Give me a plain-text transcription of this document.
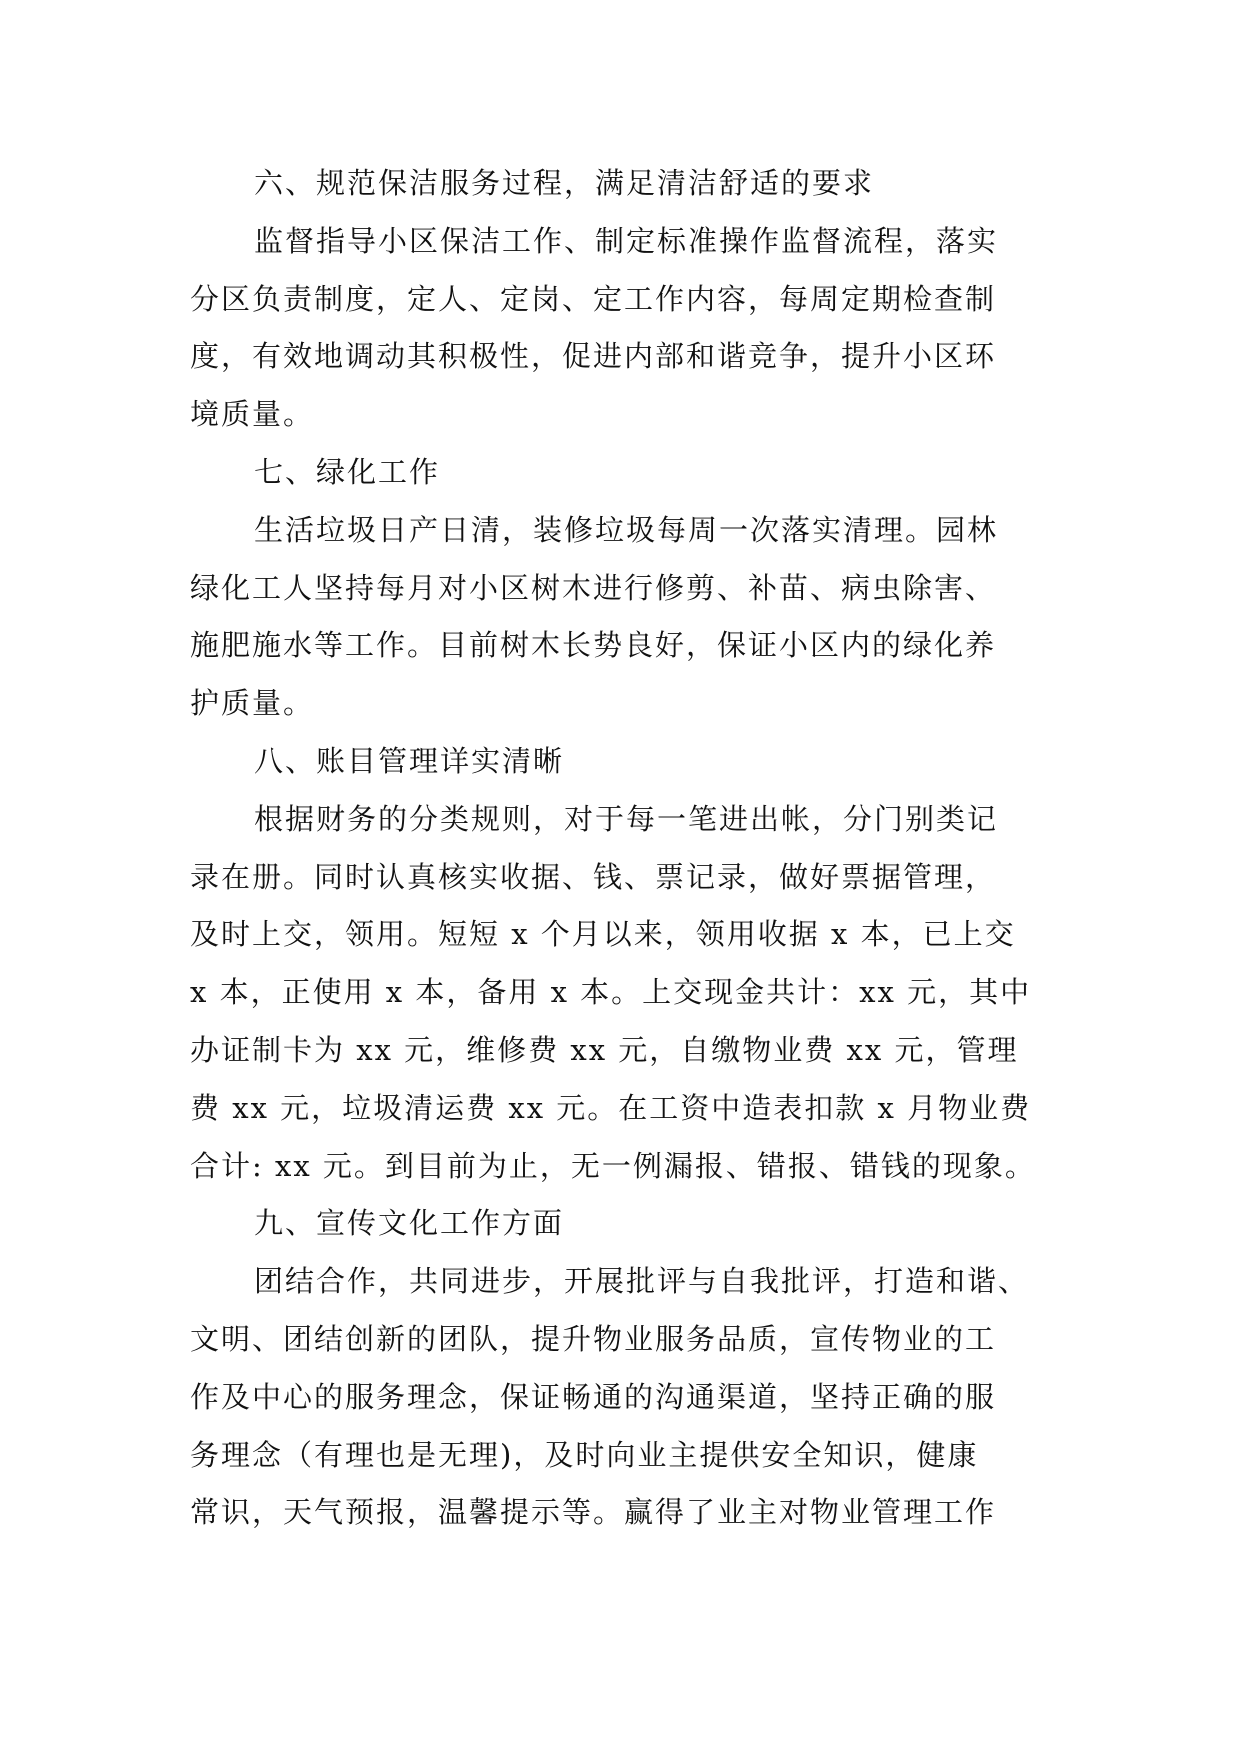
六、规范保洁服务过程，满足清洁舒适的要求
监督指导小区保洁工作、制定标准操作监督流程，落实
分区负责制度，定人、定岗、定工作内容，每周定期检查制
度，有效地调动其积极性，促进内部和谐竞争，提升小区环
境质量。
七、绿化工作
生活垃圾日产日清，装修垃圾每周一次落实清理。园林
绿化工人坚持每月对小区树木进行修剪、补苗、病虫除害、
施肥施水等工作。目前树木长势良好，保证小区内的绿化养
护质量。
八、账目管理详实清晰
根据财务的分类规则，对于每一笔进出帐，分门别类记
录在册。同时认真核实收据、钱、票记录，做好票据管理，
及时上交，领用。短短 x 个月以来，领用收据 x 本，已上交
x 本，正使用 x 本，备用 x 本。上交现金共计：xx 元，其中
办证制卡为 xx 元，维修费 xx 元，自缴物业费 xx 元，管理
费 xx 元，垃圾清运费 xx 元。在工资中造表扣款 x 月物业费
合计: xx 元。到目前为止，无一例漏报、错报、错钱的现象。
九、宣传文化工作方面
团结合作，共同进步，开展批评与自我批评，打造和谐、
文明、团结创新的团队，提升物业服务品质，宣传物业的工
作及中心的服务理念，保证畅通的沟通渠道，坚持正确的服
务理念（有理也是无理)，及时向业主提供安全知识，健康
常识，天气预报，温馨提示等。赢得了业主对物业管理工作
